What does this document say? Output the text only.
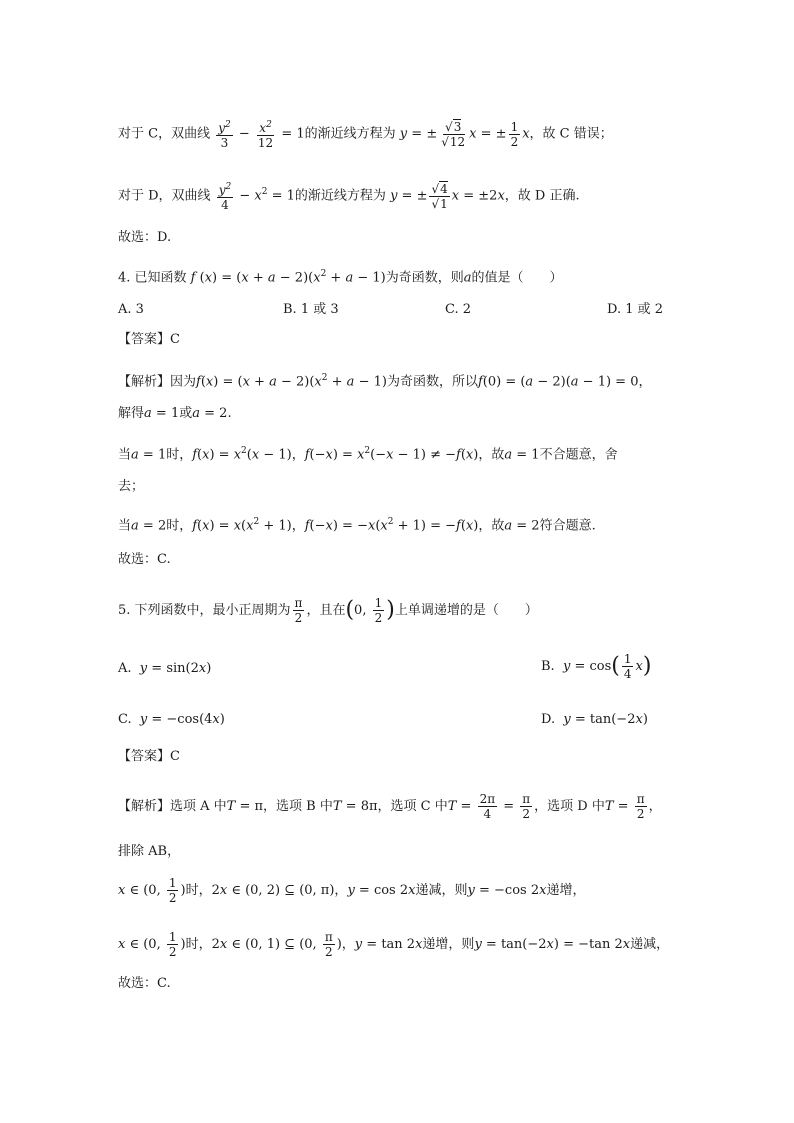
对于 C，双曲线 $\frac{y^2}{3} - \frac{x^2}{12} = 1$的渐近线方程为 y = ± $\frac{√3}{√12}$ x = ± $\frac{1}{2}$ x，故 C 错误；
对于 D，双曲线 $\frac{y^2}{4} - x^2 = 1$的渐近线方程为 y = ± $\frac{√4}{√1}$ x = ±2x，故 D 正确.
故选：D.
4. 已知函数 f $(x) = (x + a - 2)(x^2 + a - 1)$为奇函数，则a的值是（　　）
A. 3	B. 1 或 3	C. 2	D. 1 或 2
【答案】C
【解析】因为$f(x) = (x + a - 2)(x^2 + a - 1)$为奇函数，所以f(0) = (a − 2)(a − 1) = 0，
解得a = 1或a = 2.
当a = 1时，$f(x) = x^2(x - 1)$，$f(-x) = x^2(-x - 1) \ne -f(x)$，故a = 1不合题意，舍
去；
当a = 2时，$f(x) = x(x^2 + 1)$，$f(-x) = -x(x^2 + 1) = -f(x)$，故a = 2符合题意.
故选：C.
5. 下列函数中，最小正周期为 $\frac{\pi}{2}$ ，且在(0, $\frac{1}{2}$ )上单调递增的是（　　）
A.  y = sin(2x)	B.  $y = \cos( \frac{1}{4} x)$
C.  y = −cos(4x)	D.  y = tan(−2x)
【答案】C
【解析】选项 A 中T = π，选项 B 中T = 8π，选项 C 中$T = \frac{2\pi}{4} = \frac{\pi}{2}$ ，选项 D 中$T = \frac{\pi}{2}$ ，
排除 AB，
x ∈ (0, $\frac{1}{2}$ )时，2x ∈ (0, 2) ⊆ (0, π)，y = cos 2x递减，则y = −cos 2x递增，
x ∈ (0, $\frac{1}{2}$ )时，2x ∈ (0, 1) ⊆ (0, $\frac{\pi}{2}$ )，y = tan 2x递增，则y = tan(−2x) = −tan 2x递减，
故选：C.
